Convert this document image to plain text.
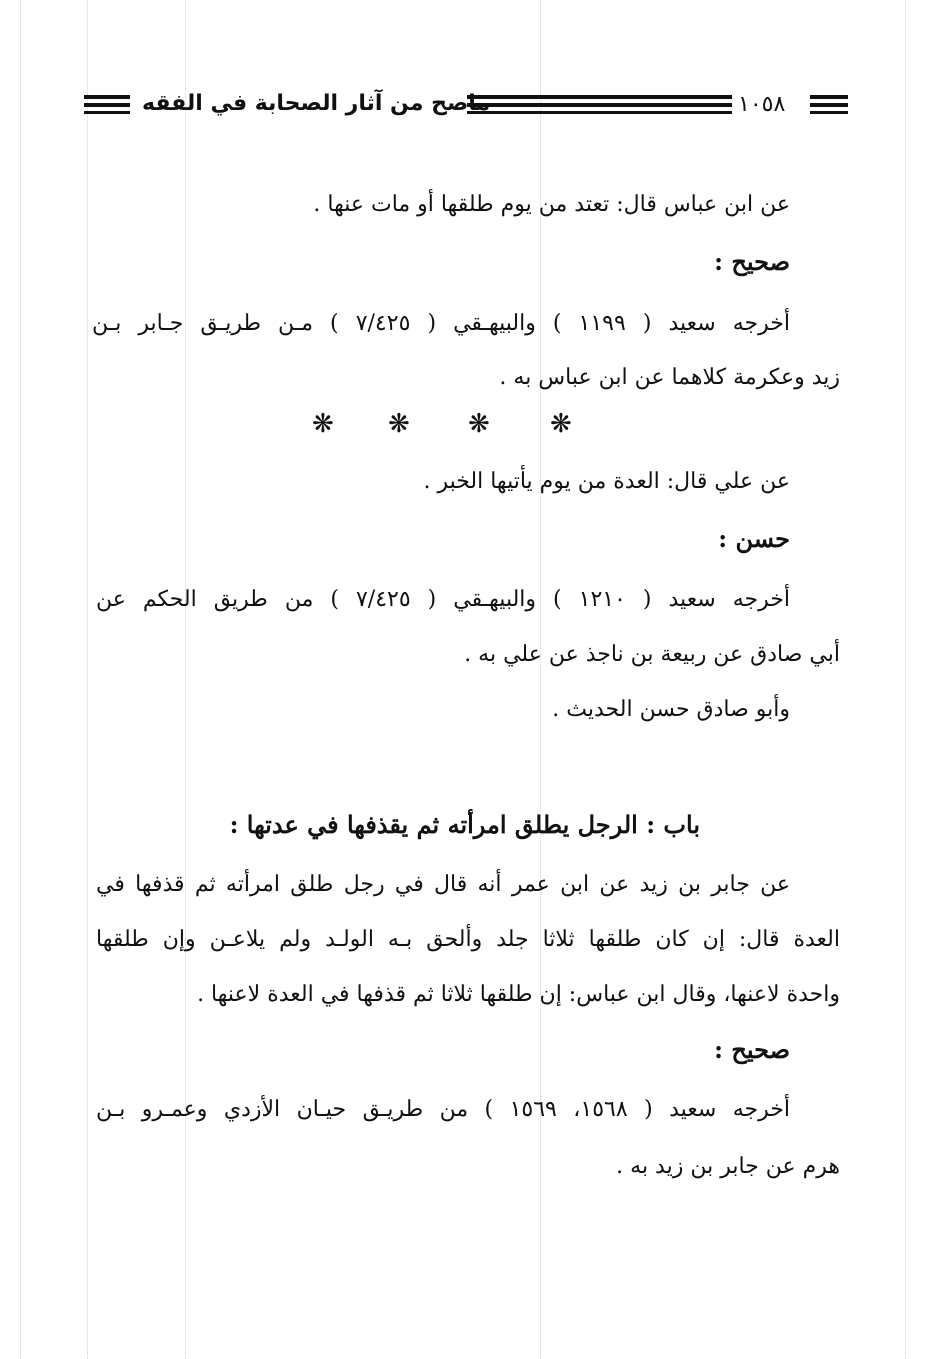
١٠٥٨
ماصح من آثار الصحابة في الفقه
عن ابن عباس قال: تعتد من يوم طلقها أو مات عنها .
صحيح :
أخرجه سعيد ( ١١٩٩ ) والبيهـقي ( ٧/٤٢٥ ) مـن طريـق جـابر بـن
زيد وعكرمة كلاهما عن ابن عباس به .
❋
❋
❋
❋
عن علي قال: العدة من يوم يأتيها الخبر .
حسن :
أخرجه سعيد ( ١٢١٠ ) والبيهـقي ( ٧/٤٢٥ ) من طريق الحكم عن
أبي صادق عن ربيعة بن ناجذ عن علي به .
وأبو صادق حسن الحديث .
باب : الرجل يطلق امرأته ثم يقذفها في عدتها :
عن جابر بن زيد عن ابن عمر أنه قال في رجل طلق امرأته ثم قذفها في
العدة قال: إن كان طلقها ثلاثا جلد وألحق بـه الولـد ولم يلاعـن وإن طلقها
واحدة لاعنها، وقال ابن عباس: إن طلقها ثلاثا ثم قذفها في العدة لاعنها .
صحيح :
أخرجه سعيد ( ١٥٦٨، ١٥٦٩ ) من طريـق حيـان الأزدي وعمـرو بـن
هرم عن جابر بن زيد به .
